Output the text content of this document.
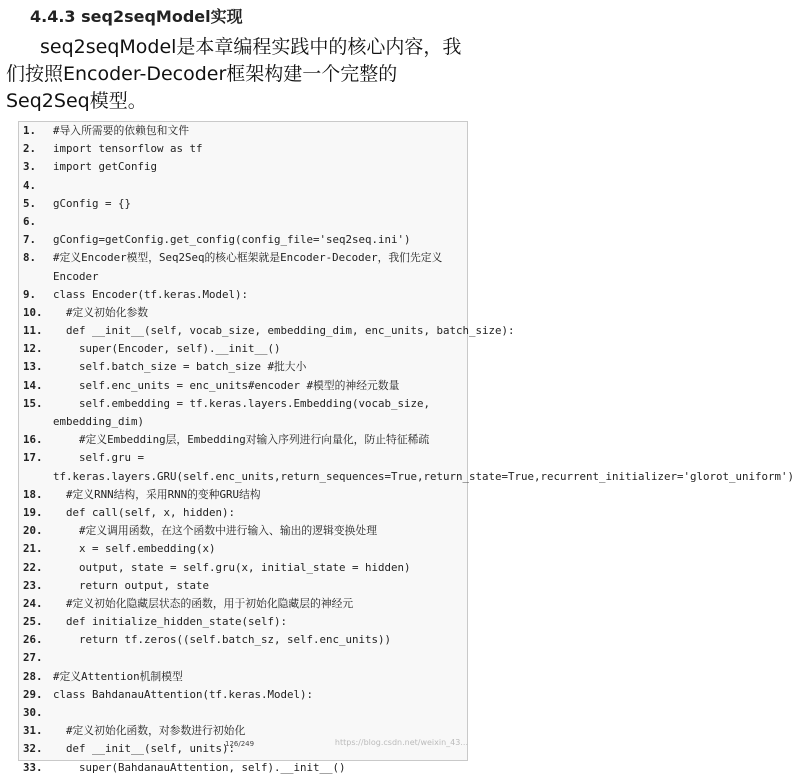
4.4.3 seq2seqModel实现
seq2seqModel是本章编程实践中的核心内容，我们按照Encoder-Decoder框架构建一个完整的Seq2Seq模型。
1.	#导入所需要的依赖包和文件
2.	import tensorflow as tf
3.	import getConfig
4.
5.	gConfig = {}
6.
7.	gConfig=getConfig.get_config(config_file='seq2seq.ini')
8.	#定义Encoder模型，Seq2Seq的核心框架就是Encoder-Decoder，我们先定义Encoder
9.	class Encoder(tf.keras.Model):
10. #定义初始化参数
11. def __init__(self, vocab_size, embedding_dim, enc_units, batch_size):
12. super(Encoder, self).__init__()
13. self.batch_size = batch_size #批大小
14. self.enc_units = enc_units#encoder #模型的神经元数量
15. self.embedding = tf.keras.layers.Embedding(vocab_size, embedding_dim)
16. #定义Embedding层，Embedding对输入序列进行向量化，防止特征稀疏
17. self.gru = tf.keras.layers.GRU(self.enc_units,return_sequences=True,return_state=True,recurrent_initializer='glorot_uniform')
18. #定义RNN结构，采用RNN的变种GRU结构
19. def call(self, x, hidden):
20. #定义调用函数，在这个函数中进行输入、输出的逻辑变换处理
21. x = self.embedding(x)
22. output, state = self.gru(x, initial_state = hidden)
23. return output, state
24. #定义初始化隐藏层状态的函数，用于初始化隐藏层的神经元
25. def initialize_hidden_state(self):
26. return tf.zeros((self.batch_sz, self.enc_units))
27.
28. #定义Attention机制模型
29. class BahdanauAttention(tf.keras.Model):
30.
31. #定义初始化函数，对参数进行初始化
32. def __init__(self, units):
33. super(BahdanauAttention, self).__init__()
126/249	https://blog.csdn.net/weixin_43...
